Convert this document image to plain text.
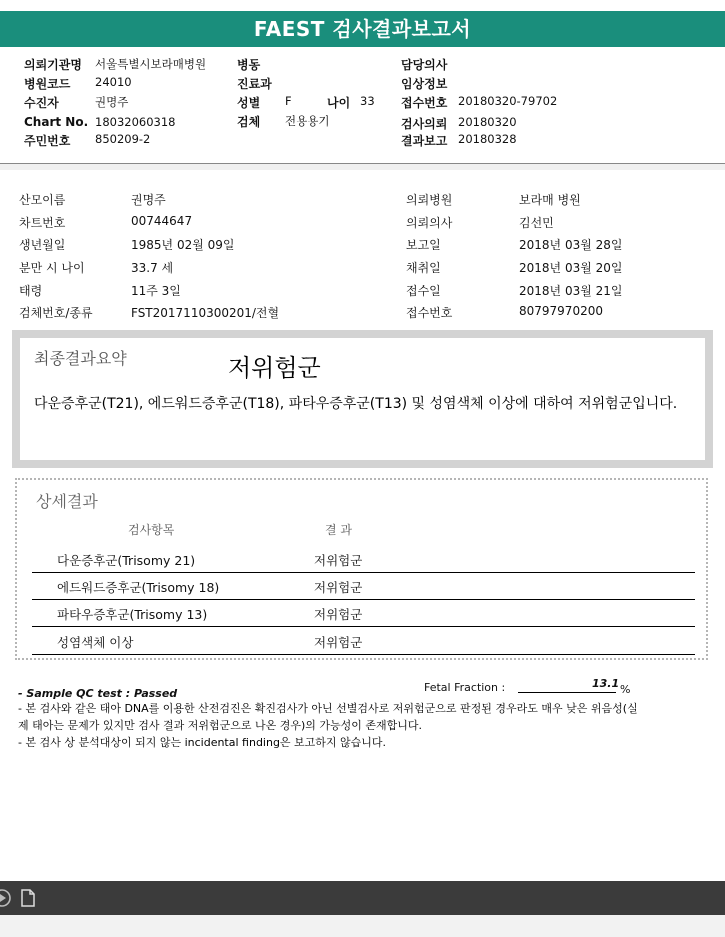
FAEST 검사결과보고서
의뢰기관명 서울특별시보라매병원
병원코드 24010
수진자	권명주
Chart No. 18032060318
주민번호 850209-2
병동
진료과
성별 F	나이 33
검체 전용용기
담당의사
임상정보
접수번호 20180320-79702
검사의뢰 20180320
결과보고 20180328
산모이름	권명주
차트번호	00744647
생년월일	1985년 02월 09일
분만 시 나이	33.7 세
태령	11주 3일
검체번호/종류	FST2017110300201/전혈
의뢰병원	보라매 병원
의뢰의사	김선민
보고일	2018년 03월 28일
채취일	2018년 03월 20일
접수일	2018년 03월 21일
접수번호	80797970200
최종결과요약	저위험군
다운증후군(T21), 에드워드증후군(T18), 파타우증후군(T13) 및 성염색체 이상에 대하여 저위험군입니다.
상세결과
검사항목	결 과
다운증후군(Trisomy 21)	저위험군
에드워드증후군(Trisomy 18)	저위험군
파타우증후군(Trisomy 13)	저위험군
성염색체 이상	저위험군
- Sample QC test : Passed	Fetal Fraction :	13.1 %
- 본 검사와 같은 태아 DNA를 이용한 산전검진은 확진검사가 아닌 선별검사로 저위험군으로 판정된 경우라도 매우 낮은 위음성(실
제 태아는 문제가 있지만 검사 결과 저위험군으로 나온 경우)의 가능성이 존재합니다.
- 본 검사 상 분석대상이 되지 않는 incidental finding은 보고하지 않습니다.
